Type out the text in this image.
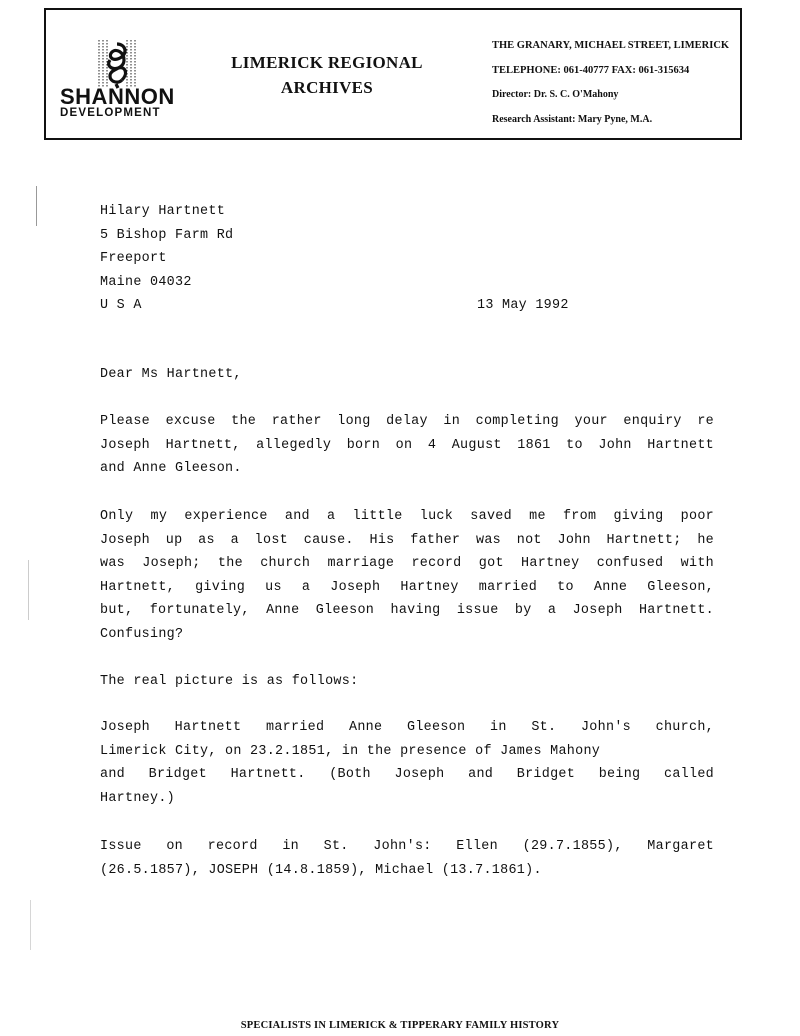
SHANNON
DEVELOPMENT
LIMERICK REGIONAL
ARCHIVES
THE GRANARY, MICHAEL STREET, LIMERICK
TELEPHONE: 061-40777 FAX: 061-315634
Director: Dr. S. C. O'Mahony
Research Assistant: Mary Pyne, M.A.
Hilary Hartnett
5 Bishop Farm Rd
Freeport
Maine 04032
U S A	13 May 1992
Dear Ms Hartnett,
Please excuse the rather long delay in completing your enquiry re
Joseph Hartnett, allegedly born on 4 August 1861 to John Hartnett
and Anne Gleeson.
Only my experience and a little luck saved me from giving poor
Joseph up as a lost cause. His father was not John Hartnett; he
was Joseph; the church marriage record got Hartney confused with
Hartnett, giving us a Joseph Hartney married to Anne Gleeson,
but, fortunately, Anne Gleeson having issue by a Joseph Hartnett.
Confusing?
The real picture is as follows:
Joseph Hartnett married Anne Gleeson in St. John's church,
Limerick City, on 23.2.1851, in the presence of James Mahony
and Bridget Hartnett. (Both Joseph and Bridget being called
Hartney.)
Issue on record in St. John's: Ellen (29.7.1855), Margaret
(26.5.1857), JOSEPH (14.8.1859), Michael (13.7.1861).
SPECIALISTS IN LIMERICK & TIPPERARY FAMILY HISTORY
